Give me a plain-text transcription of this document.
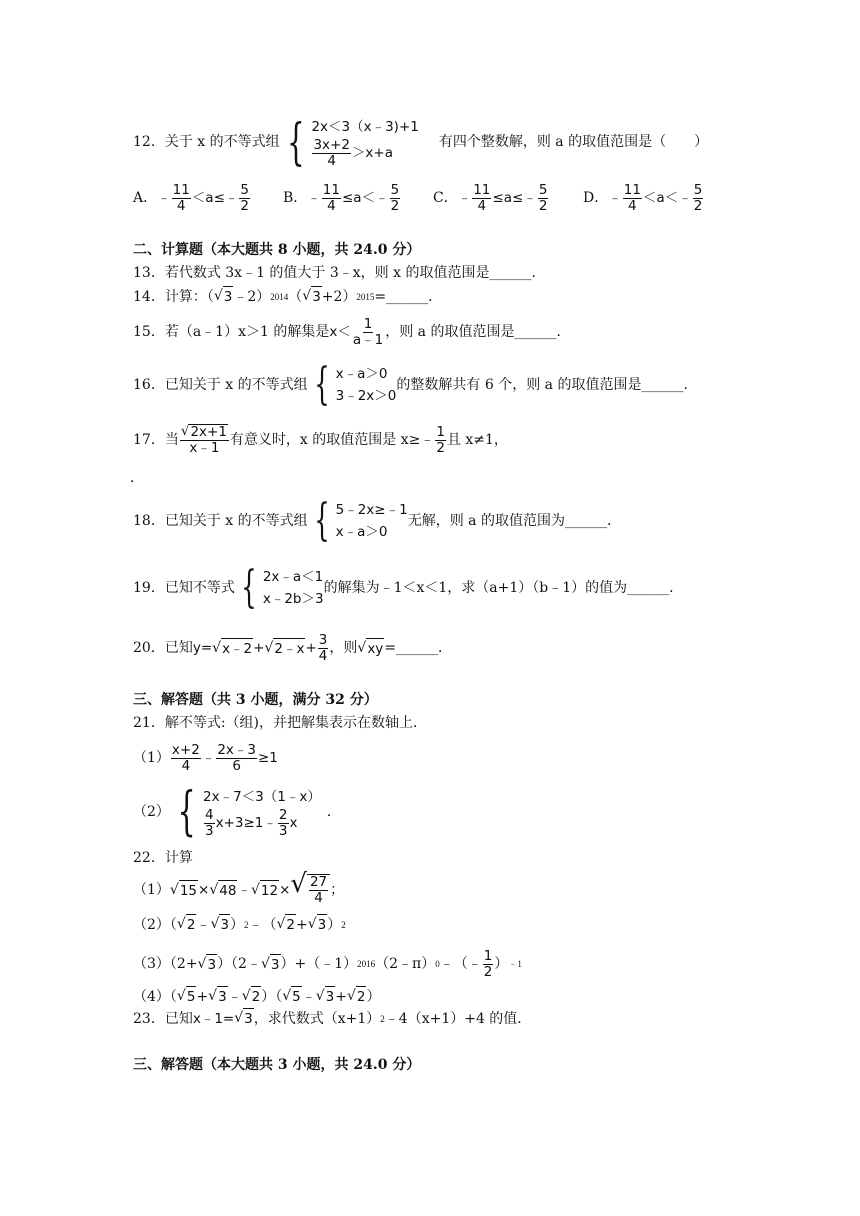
12． 关于 x 的不等式组 { 2x＜3（x﹣3)+1
$\frac{3x+2}{4} >x+a$
有四个整数解，则 a 的取值范围是（　　）
A． ﹣ $\frac{11}{4}$ ＜a≤﹣ $\frac{5}{2}$ B． ﹣ $\frac{11}{4}$ ≤a＜﹣ $\frac{5}{2}$ C． ﹣ $\frac{11}{4}$ ≤a≤﹣ $\frac{5}{2}$ D． ﹣ $\frac{11}{4}$ ＜a＜﹣ $\frac{5}{2}$
二、计算题（本大题共 8 小题，共 24.0 分）
13．若代数式 3x﹣1 的值大于 3﹣x，则 x 的取值范围是______．
14．计算：（ √ 3 ﹣2） 2014 （ √ 3 +2） 2015 =______．
15．若（a﹣1）x＞1 的解集是 $x< \frac{1}{a﹣1}$ ，则 a 的取值范围是______．
16．已知关于 x 的不等式组 { x﹣a＞0
3﹣2x＞0
的整数解共有 6 个，则 a 的取值范围是______．
17．当 $\frac{√ 2x+1}{x﹣1}$ 有意义时，x 的取值范围是 x≥﹣ $\frac{1}{2}$ 且 x≠1，
．
18．已知关于 x 的不等式组 { 5﹣2x≥﹣1
x﹣a＞0
无解，则 a 的取值范围为______．
19．已知不等式 { 2x﹣a＜1
x﹣2b＞3
的解集为﹣1＜x＜1，求（a+1）（b﹣1）的值为______．
20．已知 y= √ x﹣2 + √ 2﹣x + $\frac{3}{4}$ ，则 √ xy =______．
三、解答题（共 3 小题，满分 32 分）
21．解不等式:（组)，并把解集表示在数轴上．
$(1) \frac{x+2}{4}$ ﹣ $\frac{2x﹣3}{6} \ge 1$
（2） { 2x﹣7＜3（1﹣x）
$\frac{4}{3}$ x+3≥1﹣ $\frac{2}{3}$ x
．
22．计算
（1） √ 15 × √ 48 ﹣ √ 12 × √ $\frac{27}{4}$ ；
（2）（ √ 2 ﹣ √ 3 ） 2 ﹣（ √ 2 + √ 3 ） 2
（3）（2+ √ 3 ）（2﹣ √ 3 ）+（﹣1） 2016 （2﹣π） 0 ﹣（﹣ $\frac{1}{2}$ ） ﹣1
（4）（ √ 5 + √ 3 ﹣ √ 2 ）（ √ 5 ﹣ √ 3 + √ 2 ）
23．已知 x﹣1= √ 3 ，求代数式（x+1） 2 ﹣4（x+1）+4 的值．
三、解答题（本大题共 3 小题，共 24.0 分）
